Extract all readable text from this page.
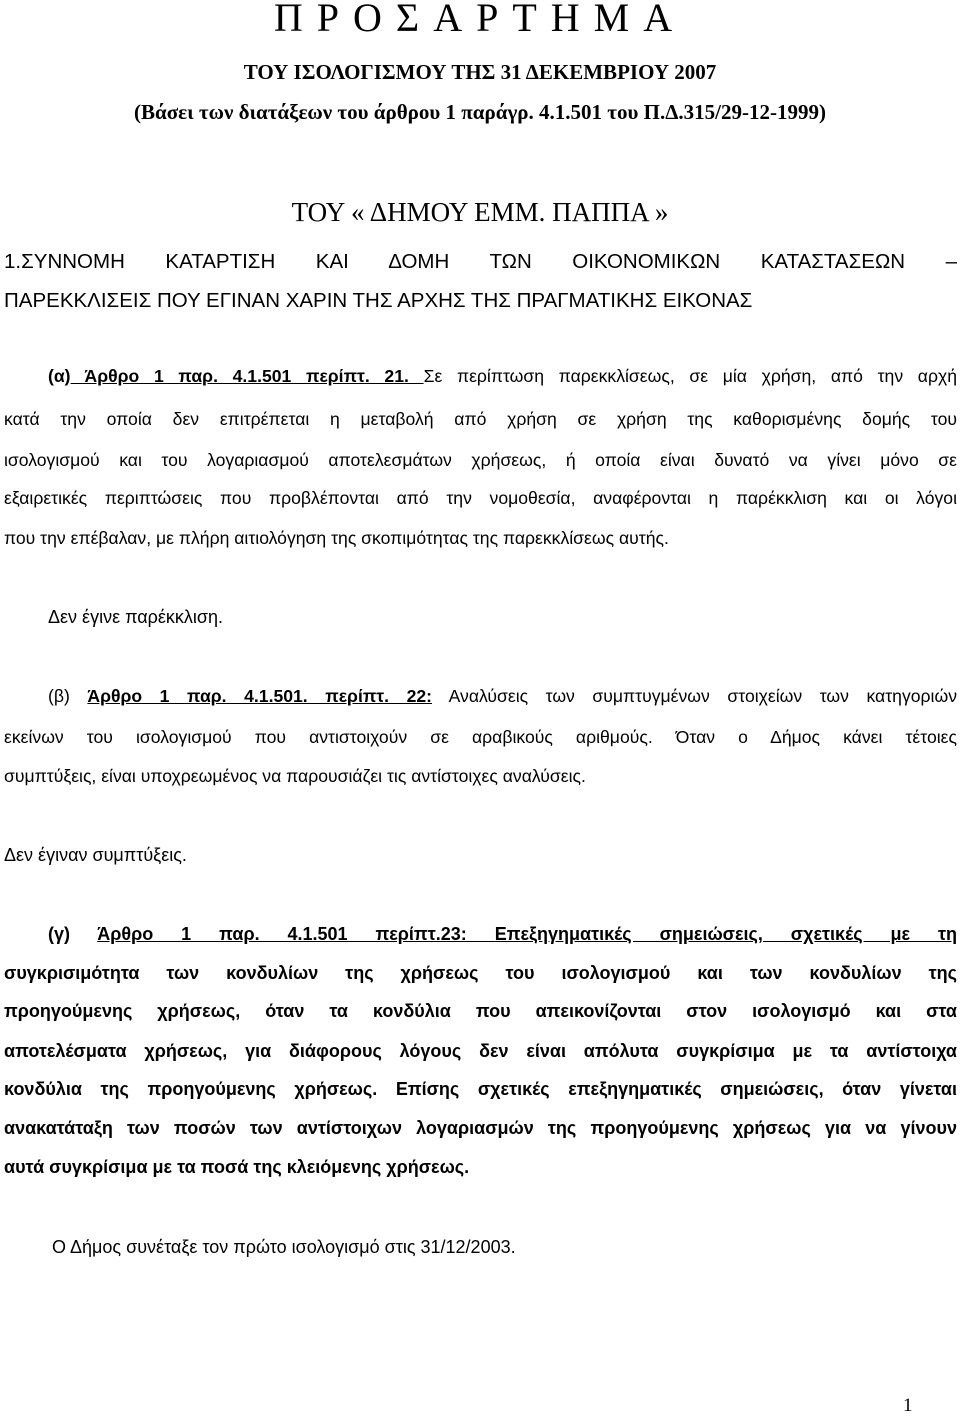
ΠΡΟΣΑΡΤΗΜΑ
ΤΟΥ ΙΣΟΛΟΓΙΣΜΟΥ ΤΗΣ 31 ΔΕΚΕΜΒΡΙΟΥ 2007
(Βάσει των διατάξεων του άρθρου 1 παράγρ. 4.1.501 του Π.Δ.315/29-12-1999)
ΤΟΥ « ΔΗΜΟΥ ΕΜΜ. ΠΑΠΠΑ »
1.ΣΥΝΝΟΜΗ ΚΑΤΑΡΤΙΣΗ ΚΑΙ ΔΟΜΗ ΤΩΝ ΟΙΚΟΝΟΜΙΚΩΝ ΚΑΤΑΣΤΑΣΕΩΝ –
ΠΑΡΕΚΚΛΙΣΕΙΣ ΠΟΥ ΕΓΙΝΑΝ ΧΑΡΙΝ ΤΗΣ ΑΡΧΗΣ ΤΗΣ ΠΡΑΓΜΑΤΙΚΗΣ ΕΙΚΟΝΑΣ
(α) Άρθρο 1 παρ. 4.1.501 περίπτ. 21. Σε περίπτωση παρεκκλίσεως, σε μία χρήση, από την αρχή
κατά την οποία δεν επιτρέπεται η μεταβολή από χρήση σε χρήση της καθορισμένης δομής του
ισολογισμού και του λογαριασμού αποτελεσμάτων χρήσεως, ή οποία είναι δυνατό να γίνει μόνο σε
εξαιρετικές περιπτώσεις που προβλέπονται από την νομοθεσία, αναφέρονται η παρέκκλιση και οι λόγοι
που την επέβαλαν, με πλήρη αιτιολόγηση της σκοπιμότητας της παρεκκλίσεως αυτής.
Δεν έγινε παρέκκλιση.
(β) Άρθρο 1 παρ. 4.1.501. περίπτ. 22: Αναλύσεις των συμπτυγμένων στοιχείων των κατηγοριών
εκείνων του ισολογισμού που αντιστοιχούν σε αραβικούς αριθμούς. Όταν ο Δήμος κάνει τέτοιες
συμπτύξεις, είναι υποχρεωμένος να παρουσιάζει τις αντίστοιχες αναλύσεις.
Δεν έγιναν συμπτύξεις.
(γ) Άρθρο 1 παρ. 4.1.501 περίπτ.23: Επεξηγηματικές σημειώσεις, σχετικές με τη
συγκρισιμότητα των κονδυλίων της χρήσεως του ισολογισμού και των κονδυλίων της
προηγούμενης χρήσεως, όταν τα κονδύλια που απεικονίζονται στον ισολογισμό και στα
αποτελέσματα χρήσεως, για διάφορους λόγους δεν είναι απόλυτα συγκρίσιμα με τα αντίστοιχα
κονδύλια της προηγούμενης χρήσεως. Επίσης σχετικές επεξηγηματικές σημειώσεις, όταν γίνεται
ανακατάταξη των ποσών των αντίστοιχων λογαριασμών της προηγούμενης χρήσεως για να γίνουν
αυτά συγκρίσιμα με τα ποσά της κλειόμενης χρήσεως.
Ο Δήμος συνέταξε τον πρώτο ισολογισμό στις 31/12/2003.
1
